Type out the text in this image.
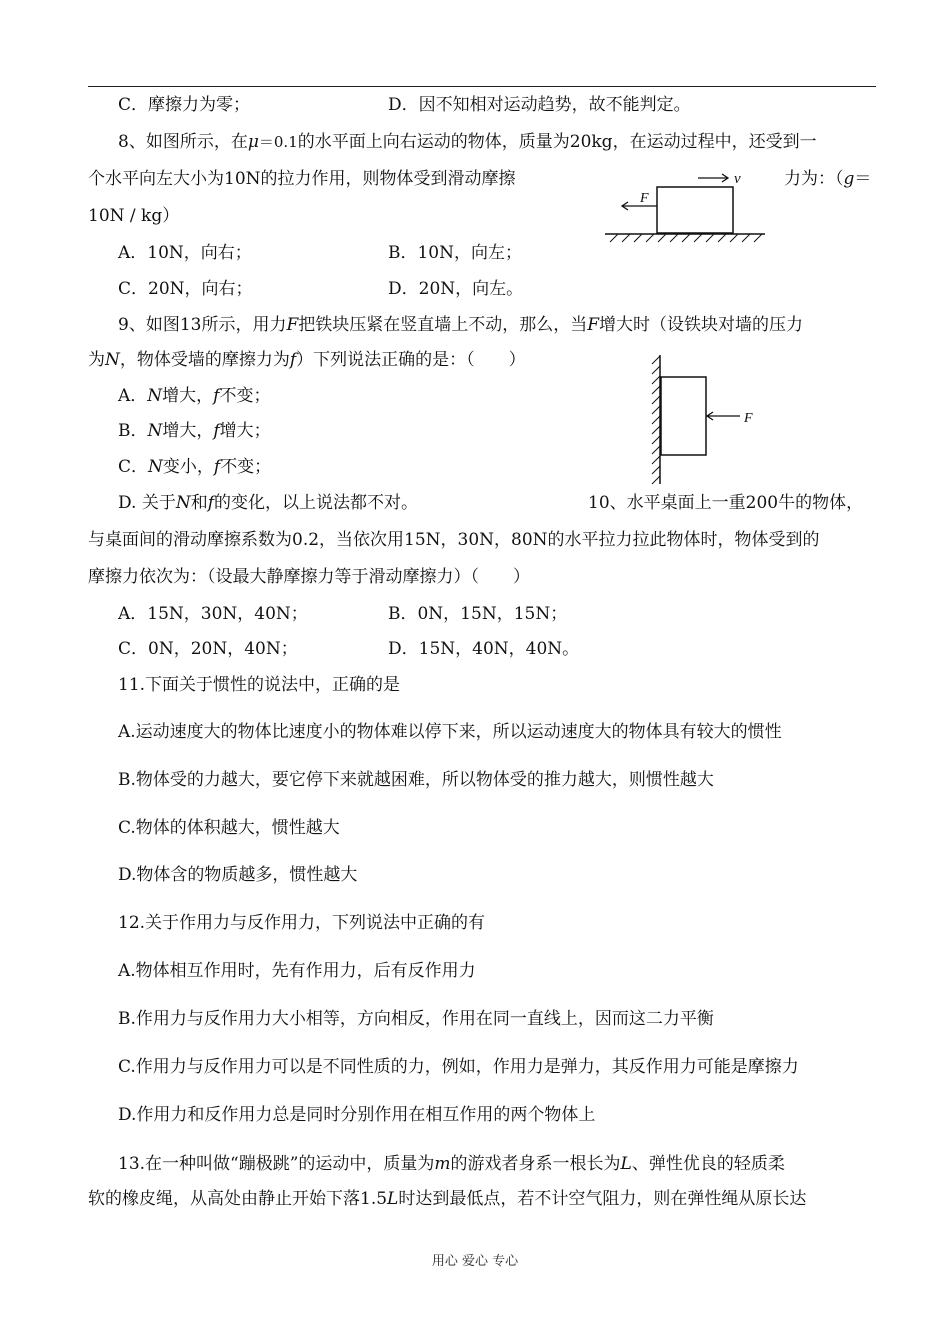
C．摩擦力为零；	D．因不知相对运动趋势，故不能判定。
8、如图所示，在μ＝0.1的水平面上向右运动的物体，质量为20kg，在运动过程中，还受到一
个水平向左大小为10N的拉力作用，则物体受到滑动摩擦	力为：（g＝
10N / kg）
A．10N，向右；	B．10N，向左；
C．20N，向右；	D．20N，向左。
v
F
9、如图13所示，用力F把铁块压紧在竖直墙上不动，那么，当F增大时（设铁块对墙的压力
为N，物体受墙的摩擦力为f）下列说法正确的是：（　　）
A．N增大，f不变；
B．N增大，f增大；
C．N变小，f不变；
D. 关于N和f的变化，以上说法都不对。
F
10、水平桌面上一重200牛的物体，
与桌面间的滑动摩擦系数为0.2，当依次用15N，30N，80N的水平拉力拉此物体时，物体受到的
摩擦力依次为：（设最大静摩擦力等于滑动摩擦力）（　　）
A．15N，30N，40N；	B．0N，15N，15N；
C．0N，20N，40N；	D．15N，40N，40N。
11.下面关于惯性的说法中，正确的是
A.运动速度大的物体比速度小的物体难以停下来，所以运动速度大的物体具有较大的惯性
B.物体受的力越大，要它停下来就越困难，所以物体受的推力越大，则惯性越大
C.物体的体积越大，惯性越大
D.物体含的物质越多，惯性越大
12.关于作用力与反作用力，下列说法中正确的有
A.物体相互作用时，先有作用力，后有反作用力
B.作用力与反作用力大小相等，方向相反，作用在同一直线上，因而这二力平衡
C.作用力与反作用力可以是不同性质的力，例如，作用力是弹力，其反作用力可能是摩擦力
D.作用力和反作用力总是同时分别作用在相互作用的两个物体上
13.在一种叫做“蹦极跳”的运动中，质量为m的游戏者身系一根长为L、弹性优良的轻质柔
软的橡皮绳，从高处由静止开始下落1.5L时达到最低点，若不计空气阻力，则在弹性绳从原长达
用心 爱心 专心
